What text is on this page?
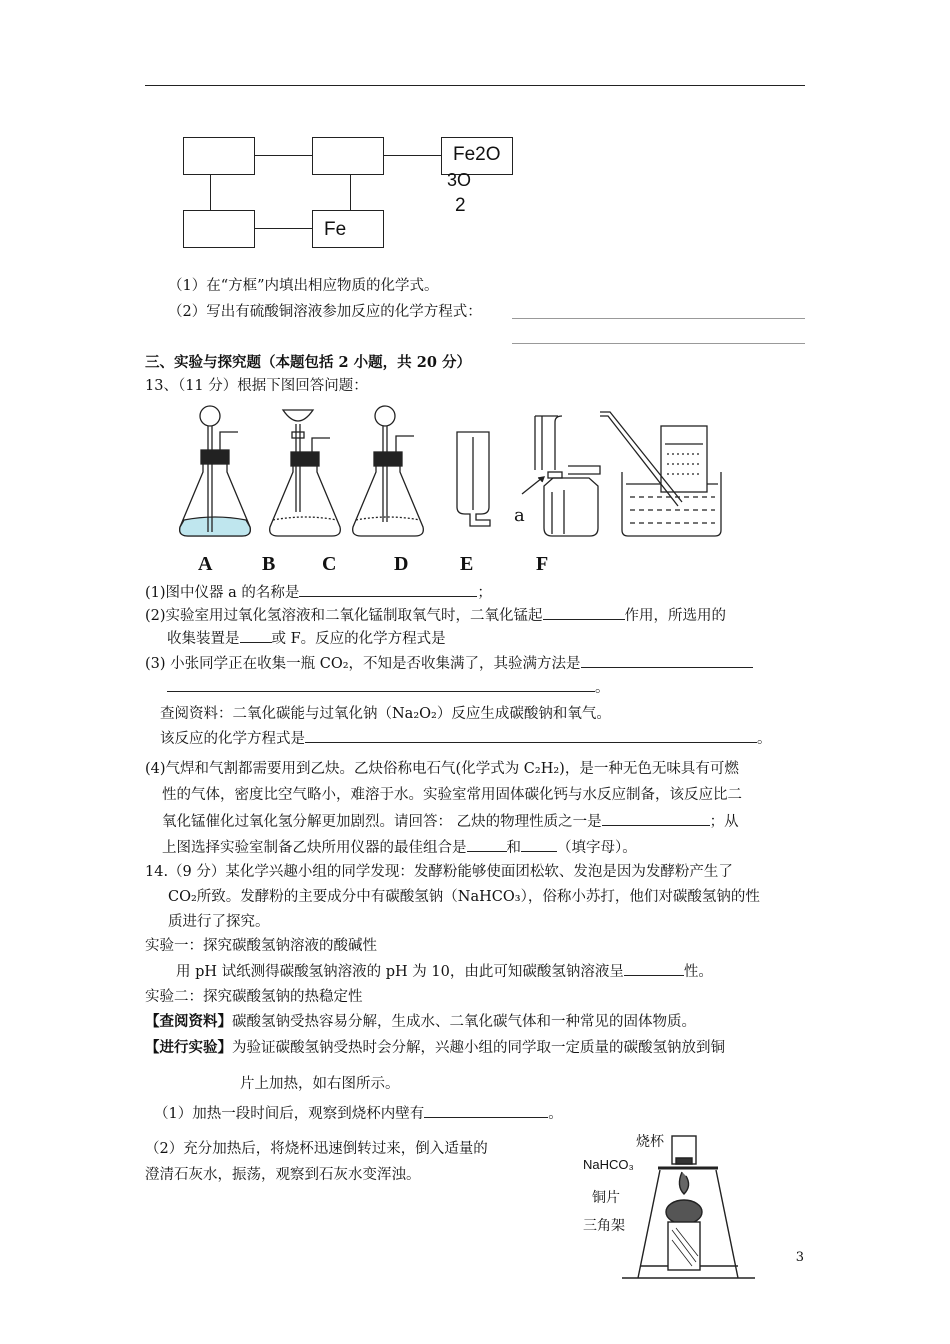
Fe2O
3O
2
Fe
（1）在“方框”内填出相应物质的化学式。
（2）写出有硫酸铜溶液参加反应的化学方程式：
三、实验与探究题（本题包括 2 小题，共 20 分）
13、（11 分）根据下图回答问题：
a
A B C	D	E	F
(1)图中仪器 a 的名称是	；
(2)实验室用过氧化氢溶液和二氧化锰制取氧气时，二氧化锰起	作用，所选用的
收集装置是 或 F。反应的化学方程式是
(3) 小张同学正在收集一瓶 CO₂，不知是否收集满了，其验满方法是
。
查阅资料：二氧化碳能与过氧化钠（Na₂O₂）反应生成碳酸钠和氧气。
该反应的化学方程式是	。
(4)气焊和气割都需要用到乙炔。乙炔俗称电石气(化学式为 C₂H₂)，是一种无色无味具有可燃
性的气体，密度比空气略小，难溶于水。实验室常用固体碳化钙与水反应制备，该反应比二
氧化锰催化过氧化氢分解更加剧烈。请回答： 乙炔的物理性质之一是	；从
上图选择实验室制备乙炔所用仪器的最佳组合是	和 （填字母）。
14.（9 分）某化学兴趣小组的同学发现：发酵粉能够使面团松软、发泡是因为发酵粉产生了
CO₂所致。发酵粉的主要成分中有碳酸氢钠（NaHCO₃），俗称小苏打，他们对碳酸氢钠的性
质进行了探究。
实验一：探究碳酸氢钠溶液的酸碱性
用 pH 试纸测得碳酸氢钠溶液的 pH 为 10，由此可知碳酸氢钠溶液呈	性。
实验二：探究碳酸氢钠的热稳定性
【查阅资料】碳酸氢钠受热容易分解，生成水、二氧化碳气体和一种常见的固体物质。
【进行实验】为验证碳酸氢钠受热时会分解，兴趣小组的同学取一定质量的碳酸氢钠放到铜
片上加热，如右图所示。
（1）加热一段时间后，观察到烧杯内壁有	。
（2）充分加热后，将烧杯迅速倒转过来，倒入适量的
澄清石灰水，振荡，观察到石灰水变浑浊。
烧杯
NaHCO₃
铜片
三角架
3
